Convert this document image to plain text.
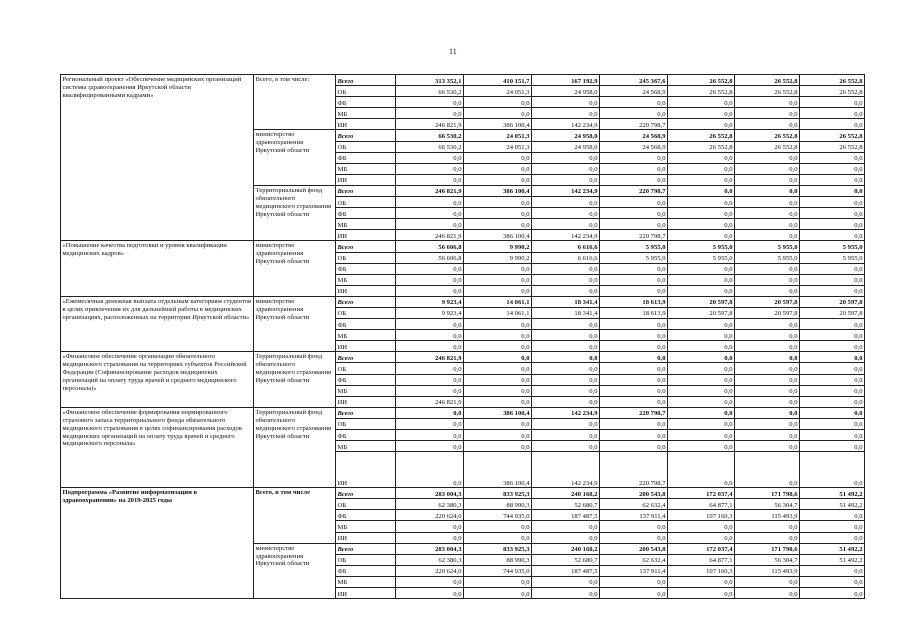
11
Региональный проект «Обеспечение медицинских организаций системы здравоохранения Иркутской области квалифицированными кадрами»	Всего, в том числе:	Всего	313 352,1	410 151,7	167 192,9	245 367,6	26 552,8	26 552,8	26 552,8
		ОБ	66 530,2	24 051,3	24 958,0	24 568,9	26 552,8	26 552,8	26 552,8
		ФБ	0,0	0,0	0,0	0,0	0,0	0,0	0,0
		МБ	0,0	0,0	0,0	0,0	0,0	0,0	0,0
		ИИ	246 821,9	386 100,4	142 234,9	220 798,7	0,0	0,0	0,0
	министерство здравоохранения Иркутской области	Всего	66 530,2	24 051,3	24 958,0	24 568,9	26 552,8	26 552,8	26 552,8
		ОБ	66 530,2	24 051,3	24 958,0	24 568,9	26 552,8	26 552,8	26 552,8
		ФБ	0,0	0,0	0,0	0,0	0,0	0,0	0,0
		МБ	0,0	0,0	0,0	0,0	0,0	0,0	0,0
		ИИ	0,0	0,0	0,0	0,0	0,0	0,0	0,0
	Территориальный фонд обязательного медицинского страхования Иркутской области	Всего	246 821,9	386 100,4	142 234,9	220 798,7	0,0	0,0	0,0
		ОБ	0,0	0,0	0,0	0,0	0,0	0,0	0,0
		ФБ	0,0	0,0	0,0	0,0	0,0	0,0	0,0
		МБ	0,0	0,0	0,0	0,0	0,0	0,0	0,0
		ИИ	246 821,9	386 100,4	142 234,9	220 798,7	0,0	0,0	0,0
«Повышение качества подготовки и уровня квалификации медицинских кадров»	министерство здравоохранения Иркутской области	Всего	56 606,8	9 990,2	6 616,6	5 955,0	5 955,0	5 955,0	5 955,0
		ОБ	56 606,8	9 990,2	6 616,6	5 955,0	5 955,0	5 955,0	5 955,0
		ФБ	0,0	0,0	0,0	0,0	0,0	0,0	0,0
		МБ	0,0	0,0	0,0	0,0	0,0	0,0	0,0
		ИИ	0,0	0,0	0,0	0,0	0,0	0,0	0,0
«Ежемесячная денежная выплата отдельным категориям студентов в целях привлечения их для дальнейшей работы в медицинских организациях, расположенных на территории Иркутской области»	министерство здравоохранения Иркутской области	Всего	9 923,4	14 061,1	18 341,4	18 613,9	20 597,8	20 597,8	20 597,8
		ОБ	9 923,4	14 061,1	18 341,4	18 613,9	20 597,8	20 597,8	20 597,8
		ФБ	0,0	0,0	0,0	0,0	0,0	0,0	0,0
		МБ	0,0	0,0	0,0	0,0	0,0	0,0	0,0
		ИИ	0,0	0,0	0,0	0,0	0,0	0,0	0,0
«Финансовое обеспечение организации обязательного медицинского страхования на территориях субъектов Российской Федерации (Софинансирование расходов медицинских организаций на оплату труда врачей и среднего медицинского персонала)»	Территориальный фонд обязательного медицинского страхования Иркутской области	Всего	246 821,9	0,0	0,0	0,0	0,0	0,0	0,0
		ОБ	0,0	0,0	0,0	0,0	0,0	0,0	0,0
		ФБ	0,0	0,0	0,0	0,0	0,0	0,0	0,0
		МБ	0,0	0,0	0,0	0,0	0,0	0,0	0,0
		ИИ	246 821,9	0,0	0,0	0,0	0,0	0,0	0,0
«Финансовое обеспечение формирования нормированного страхового запаса территориального фонда обязательного медицинского страхования в целях софинансирования расходов медицинских организаций на оплату труда врачей и среднего медицинского персонала»	Территориальный фонд обязательного медицинского страхования Иркутской области	Всего	0,0	386 100,4	142 234,9	220 798,7	0,0	0,0	0,0
		ОБ	0,0	0,0	0,0	0,0	0,0	0,0	0,0
		ФБ	0,0	0,0	0,0	0,0	0,0	0,0	0,0
		МБ	0,0	0,0	0,0	0,0	0,0	0,0	0,0
		ИИ	0,0	386 100,4	142 234,9	220 798,7	0,0	0,0	0,0
Подпрограмма «Развитие информатизации в здравоохранении» на 2019-2025 годы	Всего, в том числе	Всего	283 004,3	833 925,3	240 168,2	200 543,8	172 037,4	171 798,6	51 492,2
		ОБ	62 380,3	88 990,3	52 680,7	62 632,4	64 877,1	56 304,7	51 492,2
		ФБ	220 624,0	744 935,0	187 487,5	137 911,4	107 160,3	115 493,9	0,0
		МБ	0,0	0,0	0,0	0,0	0,0	0,0	0,0
		ИИ	0,0	0,0	0,0	0,0	0,0	0,0	0,0
	министерство здравоохранения Иркутской области	Всего	283 004,3	833 925,3	240 168,2	200 543,8	172 037,4	171 798,6	51 492,2
		ОБ	62 380,3	88 990,3	52 680,7	62 632,4	64 877,1	56 304,7	51 492,2
		ФБ	220 624,0	744 935,0	187 487,5	137 911,4	107 160,3	115 493,9	0,0
		МБ	0,0	0,0	0,0	0,0	0,0	0,0	0,0
		ИИ	0,0	0,0	0,0	0,0	0,0	0,0	0,0
